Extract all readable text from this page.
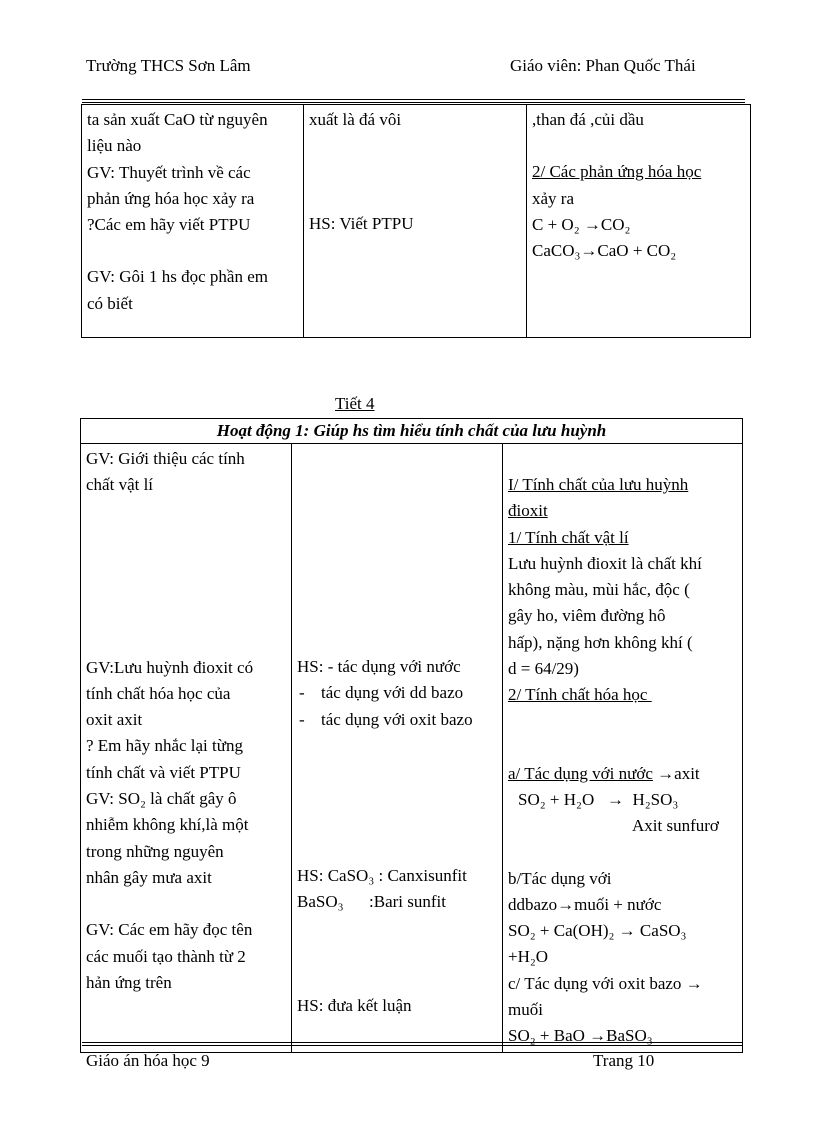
Trường THCS Sơn Lâm	Giáo viên: Phan Quốc Thái
ta sản xuất CaO từ nguyên
liệu nào
GV: Thuyết trình về các
phản ứng hóa học xảy ra
?Các em hãy viết PTPU
GV: Gôi 1 hs đọc phần em
có biết

xuất là đá vôi
HS: Viết PTPU

,than đá ,củi dầu
2/ Các phản ứng hóa học
xảy ra
C + O₂ →CO₂
CaCO₃→CaO + CO₂
Tiết 4
Hoạt động 1: Giúp hs tìm hiểu tính chất của lưu huỳnh

GV: Giới thiệu các tính
chất vật lí
GV:Lưu huỳnh đioxit có
tính chất hóa học của
oxit axit
? Em hãy nhắc lại từng
tính chất và viết PTPU
GV: SO₂ là chất gây ô
nhiễm không khí,là một
trong những nguyên
nhân gây mưa axit
GV: Các em hãy đọc tên
các muối tạo thành từ 2
hản ứng trên

HS: - tác dụng với nước
- tác dụng với dd bazo
- tác dụng với oxit bazo
HS: CaSO₃ : Canxisunfit
BaSO₃      :Bari sunfit
HS: đưa kết luận

I/ Tính chất của lưu huỳnh
đioxit
1/ Tính chất vật lí
Lưu huỳnh đioxit là chất khí
không màu, mùi hắc, độc (
gây ho, viêm đường hô
hấp), nặng hơn không khí (
d = 64/29)
2/ Tính chất hóa học
a/ Tác dụng với nước →axit
SO₂ + H₂O   →  H₂SO₃
Axit sunfurơ
b/Tác dụng với
ddbazo→muối + nước
SO₂ + Ca(OH)₂ → CaSO₃
+H₂O
c/ Tác dụng với oxit bazo →
muối
SO₂ + BaO →BaSO₃
Giáo án hóa học 9	Trang 10
